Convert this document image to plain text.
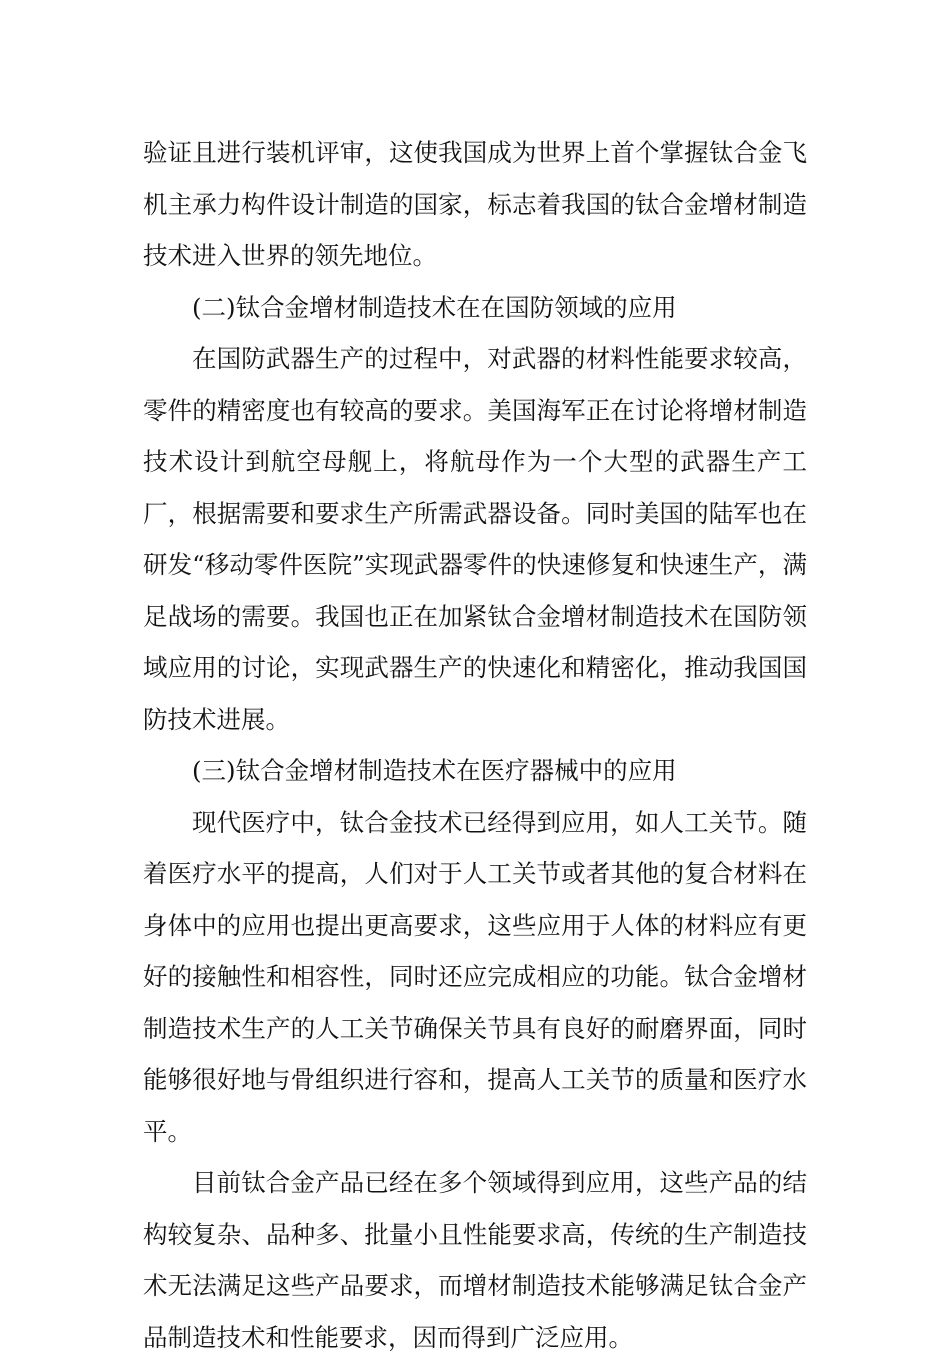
验证且进行装机评审，这使我国成为世界上首个掌握钛合金飞机主承力构件设计制造的国家，标志着我国的钛合金增材制造技术进入世界的领先地位。

(二)钛合金增材制造技术在在国防领域的应用

在国防武器生产的过程中，对武器的材料性能要求较高，零件的精密度也有较高的要求。美国海军正在讨论将增材制造技术设计到航空母舰上，将航母作为一个大型的武器生产工厂，根据需要和要求生产所需武器设备。同时美国的陆军也在研发“移动零件医院”实现武器零件的快速修复和快速生产，满足战场的需要。我国也正在加紧钛合金增材制造技术在国防领域应用的讨论，实现武器生产的快速化和精密化，推动我国国防技术进展。

(三)钛合金增材制造技术在医疗器械中的应用

现代医疗中，钛合金技术已经得到应用，如人工关节。随着医疗水平的提高，人们对于人工关节或者其他的复合材料在身体中的应用也提出更高要求，这些应用于人体的材料应有更好的接触性和相容性，同时还应完成相应的功能。钛合金增材制造技术生产的人工关节确保关节具有良好的耐磨界面，同时能够很好地与骨组织进行容和，提高人工关节的质量和医疗水平。

目前钛合金产品已经在多个领域得到应用，这些产品的结构较复杂、品种多、批量小且性能要求高，传统的生产制造技术无法满足这些产品要求，而增材制造技术能够满足钛合金产品制造技术和性能要求，因而得到广泛应用。
